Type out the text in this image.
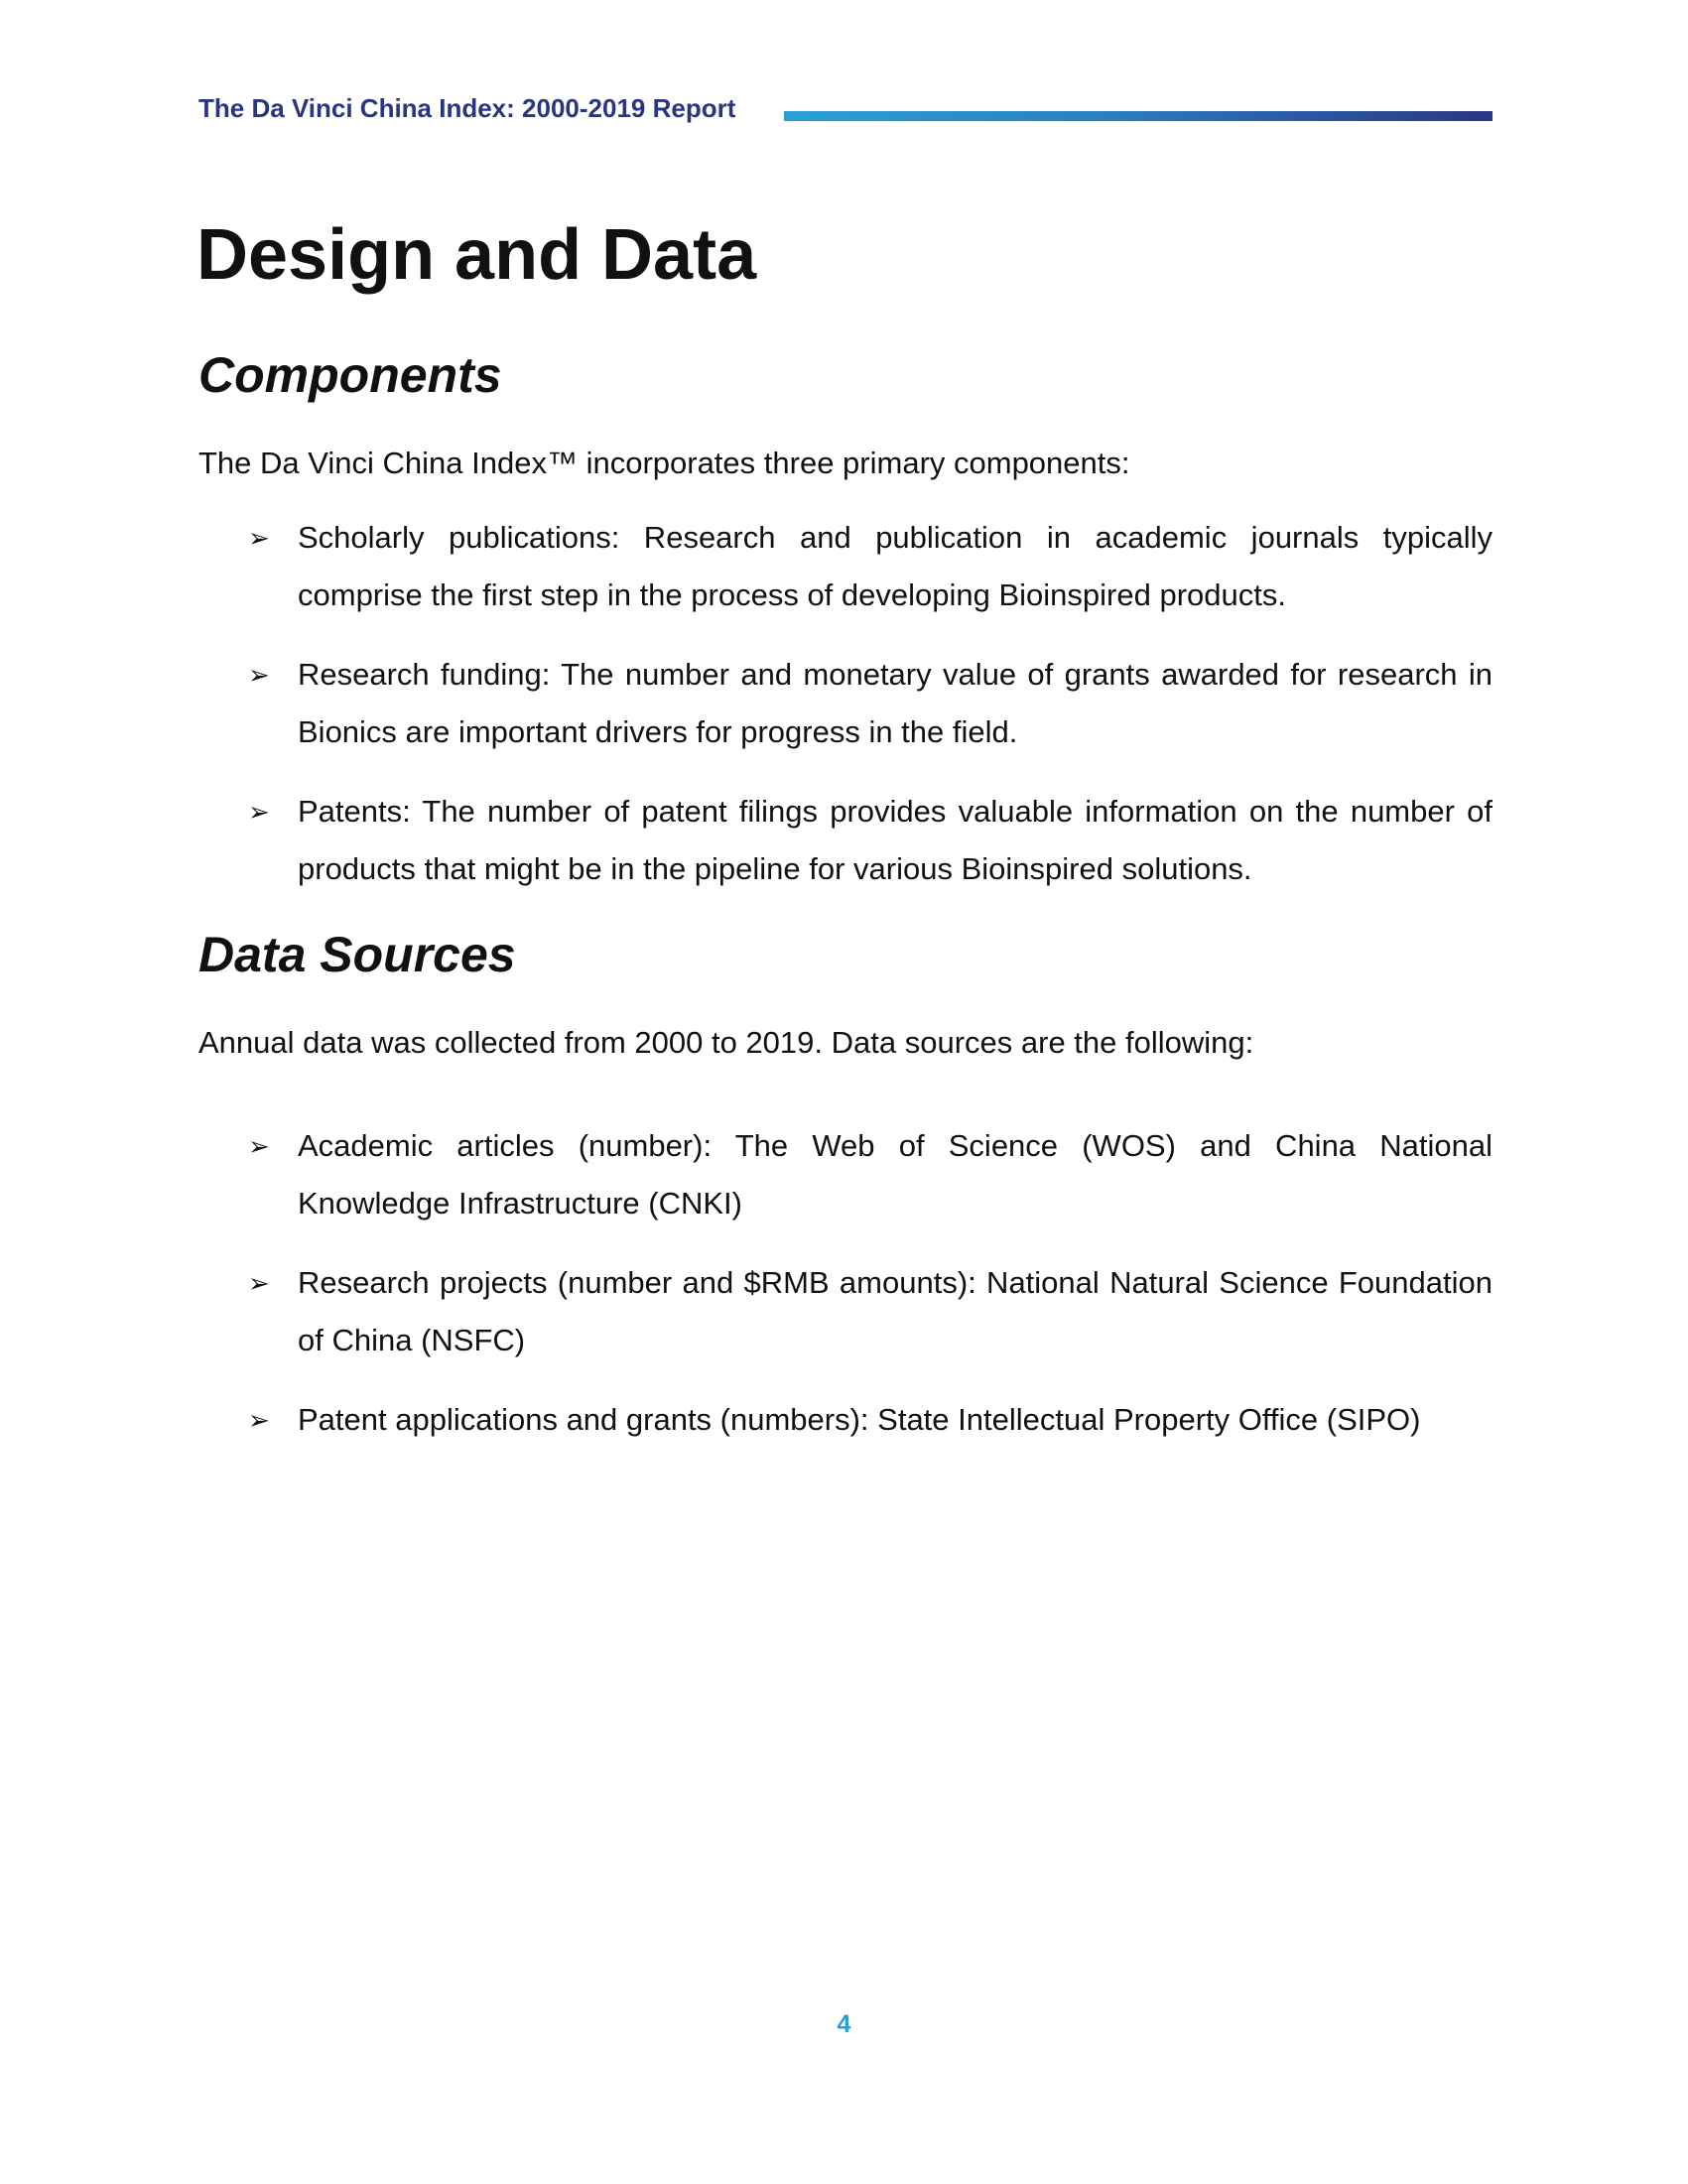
The Da Vinci China Index: 2000-2019 Report
Design and Data
Components

The Da Vinci China Index™ incorporates three primary components:

➢ Scholarly publications: Research and publication in academic journals typically comprise the first step in the process of developing Bioinspired products.
➢ Research funding: The number and monetary value of grants awarded for research in Bionics are important drivers for progress in the field.
➢ Patents: The number of patent filings provides valuable information on the number of products that might be in the pipeline for various Bioinspired solutions.
Data Sources

Annual data was collected from 2000 to 2019. Data sources are the following:

➢ Academic articles (number): The Web of Science (WOS) and China National Knowledge Infrastructure (CNKI)
➢ Research projects (number and $RMB amounts): National Natural Science Foundation of China (NSFC)
➢ Patent applications and grants (numbers): State Intellectual Property Office (SIPO)
4
